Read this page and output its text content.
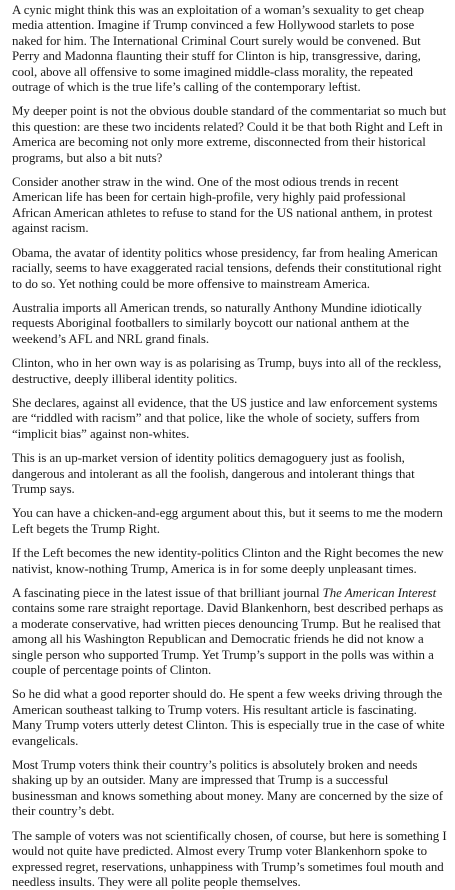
A cynic might think this was an exploitation of a woman’s sexuality to get cheap media attention. Imagine if Trump convinced a few Hollywood starlets to pose naked for him. The International Criminal Court surely would be convened. But Perry and Madonna flaunting their stuff for Clinton is hip, transgressive, daring, cool, above all offensive to some imagined middle-class morality, the repeated outrage of which is the true life’s calling of the contemporary leftist.

My deeper point is not the obvious double standard of the commentariat so much but this question: are these two incidents related? Could it be that both Right and Left in America are becoming not only more extreme, disconnected from their historical programs, but also a bit nuts?

Consider another straw in the wind. One of the most odious trends in recent American life has been for certain high-profile, very highly paid professional African American athletes to refuse to stand for the US national anthem, in protest against racism.

Obama, the avatar of identity politics whose presidency, far from healing American racially, seems to have exaggerated racial tensions, defends their constitutional right to do so. Yet nothing could be more offensive to mainstream America.

Australia imports all American trends, so naturally Anthony Mundine idiotically requests Aboriginal footballers to similarly boycott our national anthem at the weekend’s AFL and NRL grand finals.

Clinton, who in her own way is as polarising as Trump, buys into all of the reckless, destructive, deeply illiberal identity politics.

She declares, against all evidence, that the US justice and law enforcement systems are “riddled with racism” and that police, like the whole of society, suffers from “implicit bias” against non-whites.

This is an up-market version of identity politics demagoguery just as foolish, dangerous and intolerant as all the foolish, dangerous and intolerant things that Trump says.

You can have a chicken-and-egg argument about this, but it seems to me the modern Left begets the Trump Right.

If the Left becomes the new identity-politics Clinton and the Right becomes the new nativist, know-nothing Trump, America is in for some deeply unpleasant times.

A fascinating piece in the latest issue of that brilliant journal The American Interest contains some rare straight reportage. David Blankenhorn, best described perhaps as a moderate conservative, had written pieces denouncing Trump. But he realised that among all his Washington Republican and Democratic friends he did not know a single person who supported Trump. Yet Trump’s support in the polls was within a couple of percentage points of Clinton.

So he did what a good reporter should do. He spent a few weeks driving through the American southeast talking to Trump voters. His resultant article is fascinating. Many Trump voters utterly detest Clinton. This is especially true in the case of white evangelicals.

Most Trump voters think their country’s politics is absolutely broken and needs shaking up by an outsider. Many are impressed that Trump is a successful businessman and knows something about money. Many are concerned by the size of their country’s debt.

The sample of voters was not scientifically chosen, of course, but here is something I would not quite have predicted. Almost every Trump voter Blankenhorn spoke to expressed regret, reservations, unhappiness with Trump’s sometimes foul mouth and needless insults. They were all polite people themselves.
